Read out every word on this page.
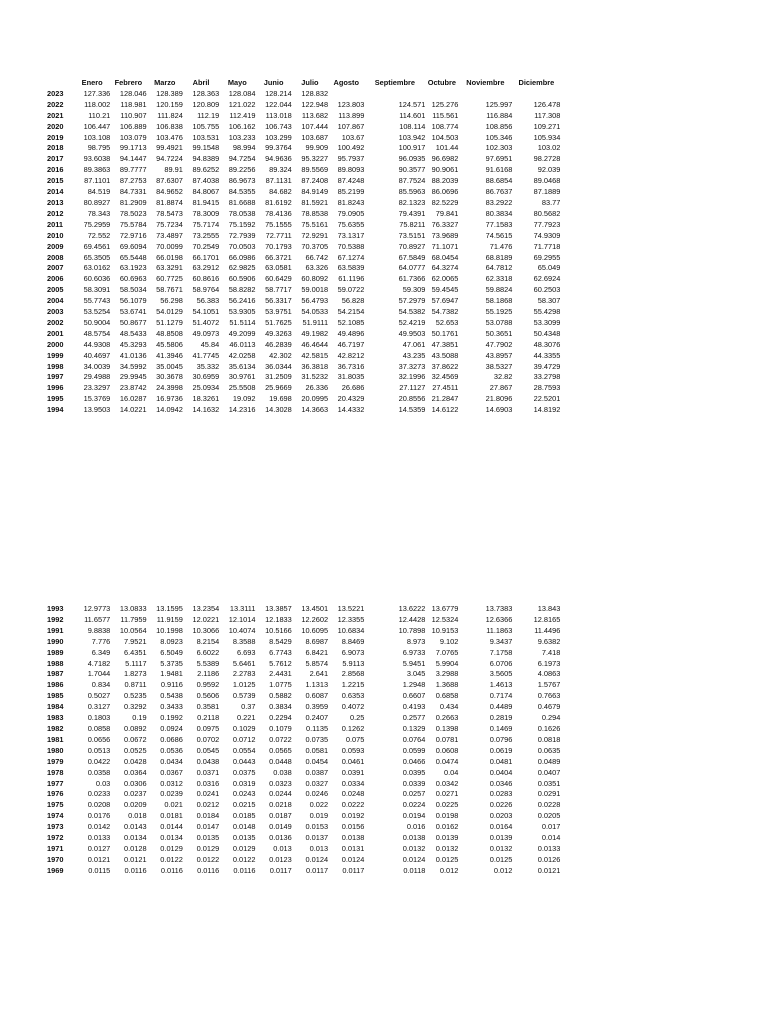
	Enero	Febrero	Marzo	Abril	Mayo	Junio	Julio	Agosto	Septiembre	Octubre	Noviembre	Diciembre
2023	127.336	128.046	128.389	128.363	128.084	128.214	128.832					
2022	118.002	118.981	120.159	120.809	121.022	122.044	122.948	123.803	124.571	125.276	125.997	126.478
2021	110.21	110.907	111.824	112.19	112.419	113.018	113.682	113.899	114.601	115.561	116.884	117.308
2020	106.447	106.889	106.838	105.755	106.162	106.743	107.444	107.867	108.114	108.774	108.856	109.271
2019	103.108	103.079	103.476	103.531	103.233	103.299	103.687	103.67	103.942	104.503	105.346	105.934
2018	98.795	99.1713	99.4921	99.1548	98.994	99.3764	99.909	100.492	100.917	101.44	102.303	103.02
2017	93.6038	94.1447	94.7224	94.8389	94.7254	94.9636	95.3227	95.7937	96.0935	96.6982	97.6951	98.2728
2016	89.3863	89.7777	89.91	89.6252	89.2256	89.324	89.5569	89.8093	90.3577	90.9061	91.6168	92.039
2015	87.1101	87.2753	87.6307	87.4038	86.9673	87.1131	87.2408	87.4248	87.7524	88.2039	88.6854	89.0468
2014	84.519	84.7331	84.9652	84.8067	84.5355	84.682	84.9149	85.2199	85.5963	86.0696	86.7637	87.1889
2013	80.8927	81.2909	81.8874	81.9415	81.6688	81.6192	81.5921	81.8243	82.1323	82.5229	83.2922	83.77
2012	78.343	78.5023	78.5473	78.3009	78.0538	78.4136	78.8538	79.0905	79.4391	79.841	80.3834	80.5682
2011	75.2959	75.5784	75.7234	75.7174	75.1592	75.1555	75.5161	75.6355	75.8211	76.3327	77.1583	77.7923
2010	72.552	72.9716	73.4897	73.2555	72.7939	72.7711	72.9291	73.1317	73.5151	73.9689	74.5615	74.9309
2009	69.4561	69.6094	70.0099	70.2549	70.0503	70.1793	70.3705	70.5388	70.8927	71.1071	71.476	71.7718
2008	65.3505	65.5448	66.0198	66.1701	66.0986	66.3721	66.742	67.1274	67.5849	68.0454	68.8189	69.2955
2007	63.0162	63.1923	63.3291	63.2912	62.9825	63.0581	63.326	63.5839	64.0777	64.3274	64.7812	65.049
2006	60.6036	60.6963	60.7725	60.8616	60.5906	60.6429	60.8092	61.1196	61.7366	62.0065	62.3318	62.6924
2005	58.3091	58.5034	58.7671	58.9764	58.8282	58.7717	59.0018	59.0722	59.309	59.4545	59.8824	60.2503
2004	55.7743	56.1079	56.298	56.383	56.2416	56.3317	56.4793	56.828	57.2979	57.6947	58.1868	58.307
2003	53.5254	53.6741	54.0129	54.1051	53.9305	53.9751	54.0533	54.2154	54.5382	54.7382	55.1925	55.4298
2002	50.9004	50.8677	51.1279	51.4072	51.5114	51.7625	51.9111	52.1085	52.4219	52.653	53.0788	53.3099
2001	48.5754	48.5433	48.8508	49.0973	49.2099	49.3263	49.1982	49.4896	49.9503	50.1761	50.3651	50.4348
2000	44.9308	45.3293	45.5806	45.84	46.0113	46.2839	46.4644	46.7197	47.061	47.3851	47.7902	48.3076
1999	40.4697	41.0136	41.3946	41.7745	42.0258	42.302	42.5815	42.8212	43.235	43.5088	43.8957	44.3355
1998	34.0039	34.5992	35.0045	35.332	35.6134	36.0344	36.3818	36.7316	37.3273	37.8622	38.5327	39.4729
1997	29.4988	29.9945	30.3678	30.6959	30.9761	31.2509	31.5232	31.8035	32.1996	32.4569	32.82	33.2798
1996	23.3297	23.8742	24.3998	25.0934	25.5508	25.9669	26.336	26.686	27.1127	27.4511	27.867	28.7593
1995	15.3769	16.0287	16.9736	18.3261	19.092	19.698	20.0995	20.4329	20.8556	21.2847	21.8096	22.5201
1994	13.9503	14.0221	14.0942	14.1632	14.2316	14.3028	14.3663	14.4332	14.5359	14.6122	14.6903	14.8192
1993	12.9773	13.0833	13.1595	13.2354	13.3111	13.3857	13.4501	13.5221	13.6222	13.6779	13.7383	13.843
1992	11.6577	11.7959	11.9159	12.0221	12.1014	12.1833	12.2602	12.3355	12.4428	12.5324	12.6366	12.8165
1991	9.8838	10.0564	10.1998	10.3066	10.4074	10.5166	10.6095	10.6834	10.7898	10.9153	11.1863	11.4496
1990	7.776	7.9521	8.0923	8.2154	8.3588	8.5429	8.6987	8.8469	8.973	9.102	9.3437	9.6382
1989	6.349	6.4351	6.5049	6.6022	6.693	6.7743	6.8421	6.9073	6.9733	7.0765	7.1758	7.418
1988	4.7182	5.1117	5.3735	5.5389	5.6461	5.7612	5.8574	5.9113	5.9451	5.9904	6.0706	6.1973
1987	1.7044	1.8273	1.9481	2.1186	2.2783	2.4431	2.641	2.8568	3.045	3.2988	3.5605	4.0863
1986	0.834	0.8711	0.9116	0.9592	1.0125	1.0775	1.1313	1.2215	1.2948	1.3688	1.4613	1.5767
1985	0.5027	0.5235	0.5438	0.5606	0.5739	0.5882	0.6087	0.6353	0.6607	0.6858	0.7174	0.7663
1984	0.3127	0.3292	0.3433	0.3581	0.37	0.3834	0.3959	0.4072	0.4193	0.434	0.4489	0.4679
1983	0.1803	0.19	0.1992	0.2118	0.221	0.2294	0.2407	0.25	0.2577	0.2663	0.2819	0.294
1982	0.0858	0.0892	0.0924	0.0975	0.1029	0.1079	0.1135	0.1262	0.1329	0.1398	0.1469	0.1626
1981	0.0656	0.0672	0.0686	0.0702	0.0712	0.0722	0.0735	0.075	0.0764	0.0781	0.0796	0.0818
1980	0.0513	0.0525	0.0536	0.0545	0.0554	0.0565	0.0581	0.0593	0.0599	0.0608	0.0619	0.0635
1979	0.0422	0.0428	0.0434	0.0438	0.0443	0.0448	0.0454	0.0461	0.0466	0.0474	0.0481	0.0489
1978	0.0358	0.0364	0.0367	0.0371	0.0375	0.038	0.0387	0.0391	0.0395	0.04	0.0404	0.0407
1977	0.03	0.0306	0.0312	0.0316	0.0319	0.0323	0.0327	0.0334	0.0339	0.0342	0.0346	0.0351
1976	0.0233	0.0237	0.0239	0.0241	0.0243	0.0244	0.0246	0.0248	0.0257	0.0271	0.0283	0.0291
1975	0.0208	0.0209	0.021	0.0212	0.0215	0.0218	0.022	0.0222	0.0224	0.0225	0.0226	0.0228
1974	0.0176	0.018	0.0181	0.0184	0.0185	0.0187	0.019	0.0192	0.0194	0.0198	0.0203	0.0205
1973	0.0142	0.0143	0.0144	0.0147	0.0148	0.0149	0.0153	0.0156	0.016	0.0162	0.0164	0.017
1972	0.0133	0.0134	0.0134	0.0135	0.0135	0.0136	0.0137	0.0138	0.0138	0.0139	0.0139	0.014
1971	0.0127	0.0128	0.0129	0.0129	0.0129	0.013	0.013	0.0131	0.0132	0.0132	0.0132	0.0133
1970	0.0121	0.0121	0.0122	0.0122	0.0122	0.0123	0.0124	0.0124	0.0124	0.0125	0.0125	0.0126
1969	0.0115	0.0116	0.0116	0.0116	0.0116	0.0117	0.0117	0.0117	0.0118	0.012	0.012	0.0121
